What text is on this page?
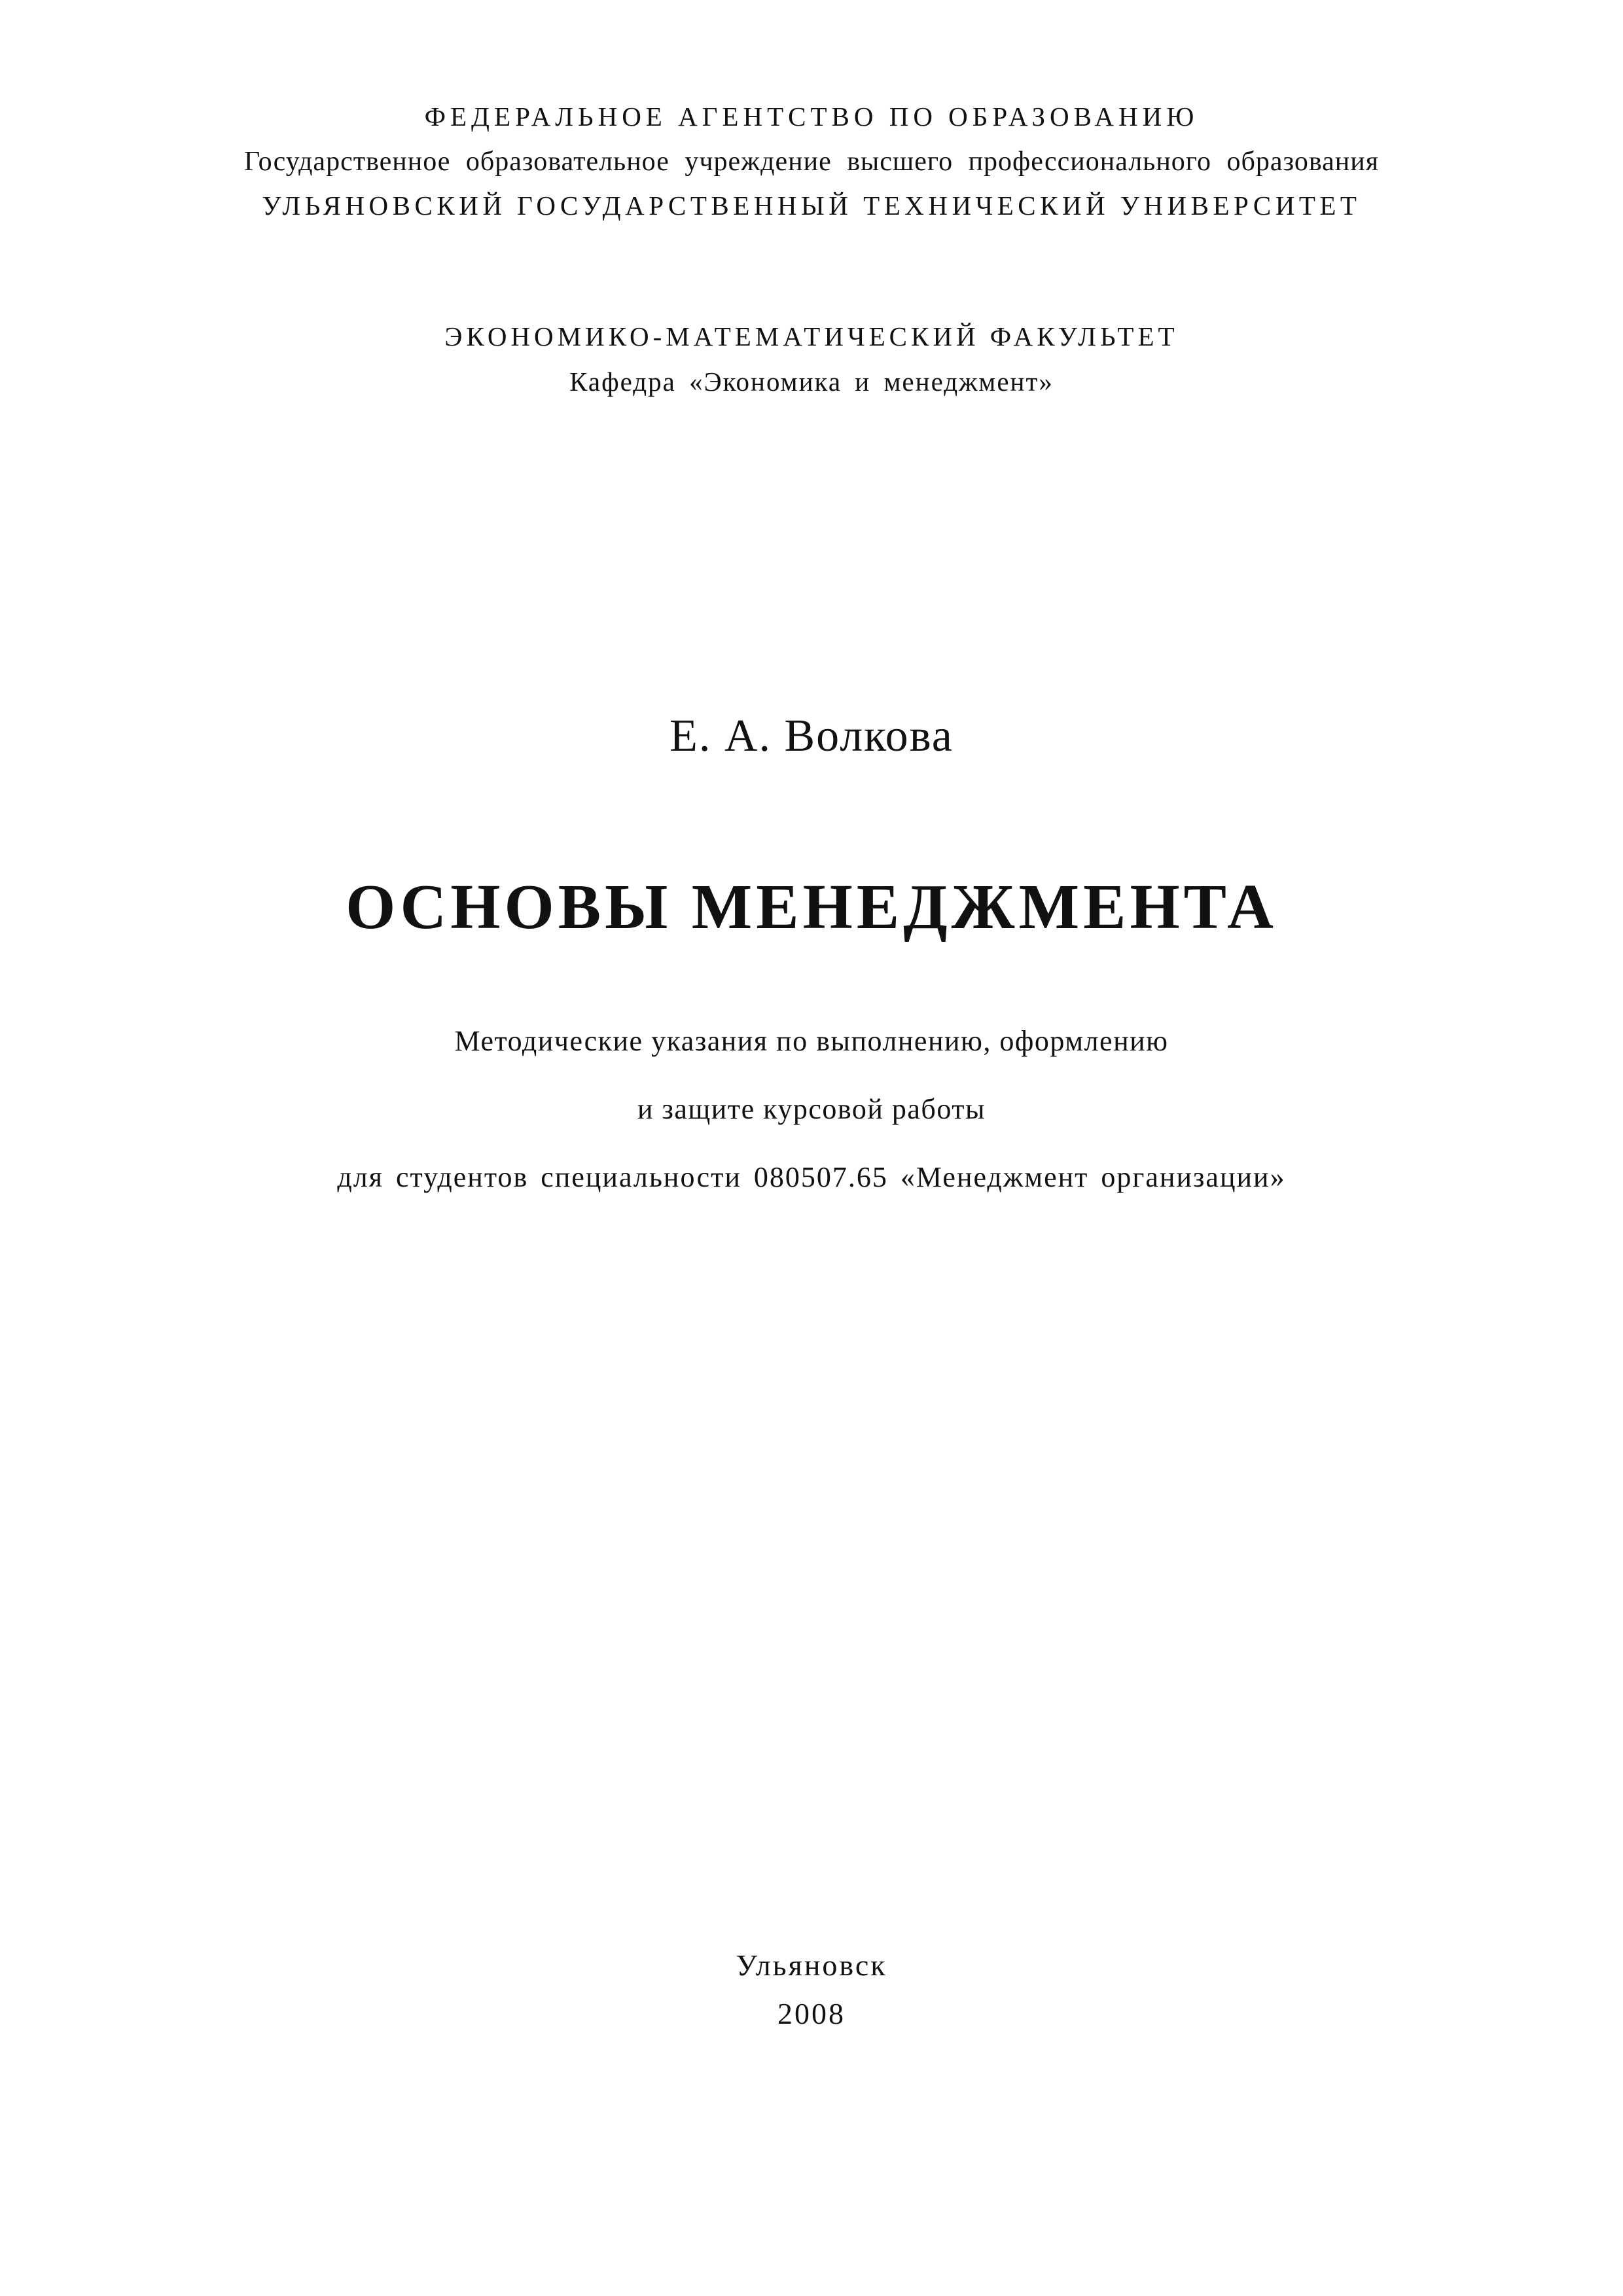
ФЕДЕРАЛЬНОЕ АГЕНТСТВО ПО ОБРАЗОВАНИЮ
Государственное образовательное учреждение высшего профессионального образования
УЛЬЯНОВСКИЙ ГОСУДАРСТВЕННЫЙ ТЕХНИЧЕСКИЙ УНИВЕРСИТЕТ
ЭКОНОМИКО-МАТЕМАТИЧЕСКИЙ ФАКУЛЬТЕТ
Кафедра «Экономика и менеджмент»
Е. А. Волкова
ОСНОВЫ МЕНЕДЖМЕНТА
Методические указания по выполнению, оформлению
и защите курсовой работы
для студентов специальности 080507.65 «Менеджмент организации»
Ульяновск
2008
